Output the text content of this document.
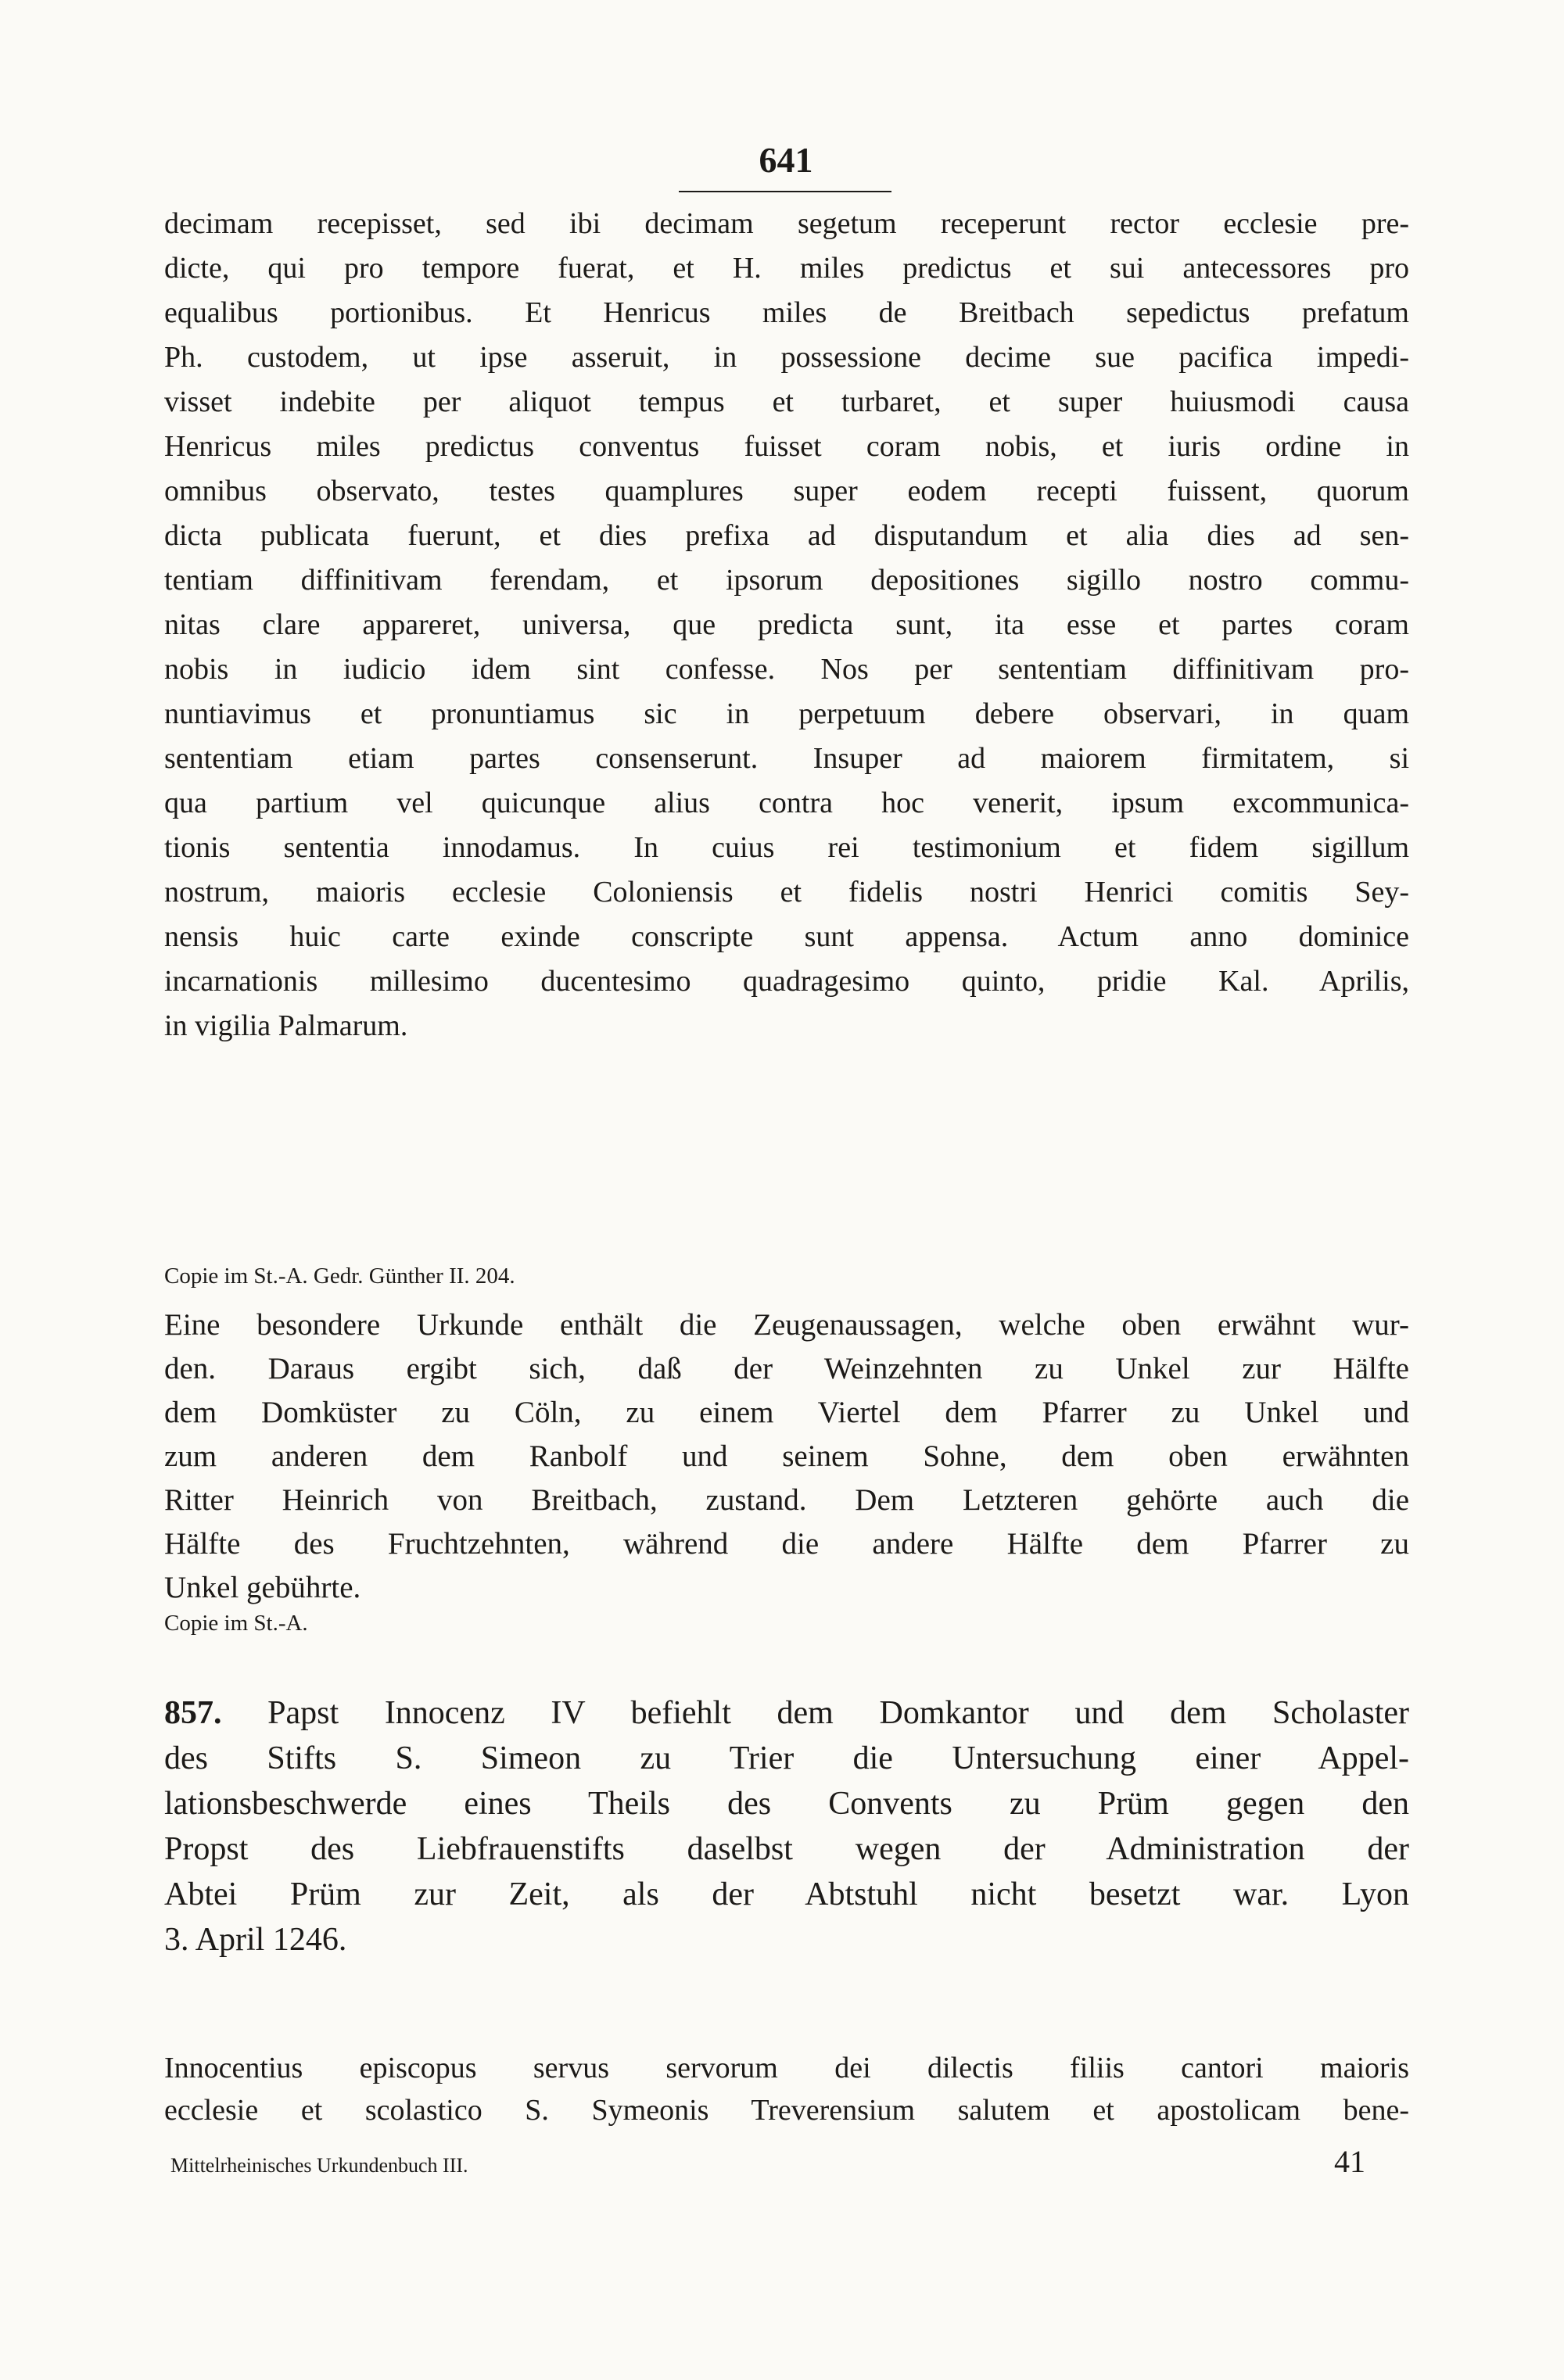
641
decimam recepisset, sed ibi decimam segetum receperunt rector ecclesie pre-
dicte, qui pro tempore fuerat, et H. miles predictus et sui antecessores pro
equalibus portionibus. Et Henricus miles de Breitbach sepedictus prefatum
Ph. custodem, ut ipse asseruit, in possessione decime sue pacifica impedi-
visset indebite per aliquot tempus et turbaret, et super huiusmodi causa
Henricus miles predictus conventus fuisset coram nobis, et iuris ordine in
omnibus observato, testes quamplures super eodem recepti fuissent, quorum
dicta publicata fuerunt, et dies prefixa ad disputandum et alia dies ad sen-
tentiam diffinitivam ferendam, et ipsorum depositiones sigillo nostro commu-
nitas clare appareret, universa, que predicta sunt, ita esse et partes coram
nobis in iudicio idem sint confesse. Nos per sententiam diffinitivam pro-
nuntiavimus et pronuntiamus sic in perpetuum debere observari, in quam
sententiam etiam partes consenserunt. Insuper ad maiorem firmitatem, si
qua partium vel quicunque alius contra hoc venerit, ipsum excommunica-
tionis sententia innodamus. In cuius rei testimonium et fidem sigillum
nostrum, maioris ecclesie Coloniensis et fidelis nostri Henrici comitis Sey-
nensis huic carte exinde conscripte sunt appensa. Actum anno dominice
incarnationis millesimo ducentesimo quadragesimo quinto, pridie Kal. Aprilis,
in vigilia Palmarum.
Copie im St.-A. Gedr. Günther II. 204.
Eine besondere Urkunde enthält die Zeugenaussagen, welche oben erwähnt wur-
den. Daraus ergibt sich, daß der Weinzehnten zu Unkel zur Hälfte
dem Domküster zu Cöln, zu einem Viertel dem Pfarrer zu Unkel und
zum anderen dem Ranbolf und seinem Sohne, dem oben erwähnten
Ritter Heinrich von Breitbach, zustand. Dem Letzteren gehörte auch die
Hälfte des Fruchtzehnten, während die andere Hälfte dem Pfarrer zu
Unkel gebührte.
Copie im St.-A.
857. Papst Innocenz IV befiehlt dem Domkantor und dem Scholaster
des Stifts S. Simeon zu Trier die Untersuchung einer Appel-
lationsbeschwerde eines Theils des Convents zu Prüm gegen den
Propst des Liebfrauenstifts daselbst wegen der Administration der
Abtei Prüm zur Zeit, als der Abtstuhl nicht besetzt war. Lyon
3. April 1246.
Innocentius episcopus servus servorum dei dilectis filiis cantori maioris
ecclesie et scolastico S. Symeonis Treverensium salutem et apostolicam bene-
Mittelrheinisches Urkundenbuch III.	41
